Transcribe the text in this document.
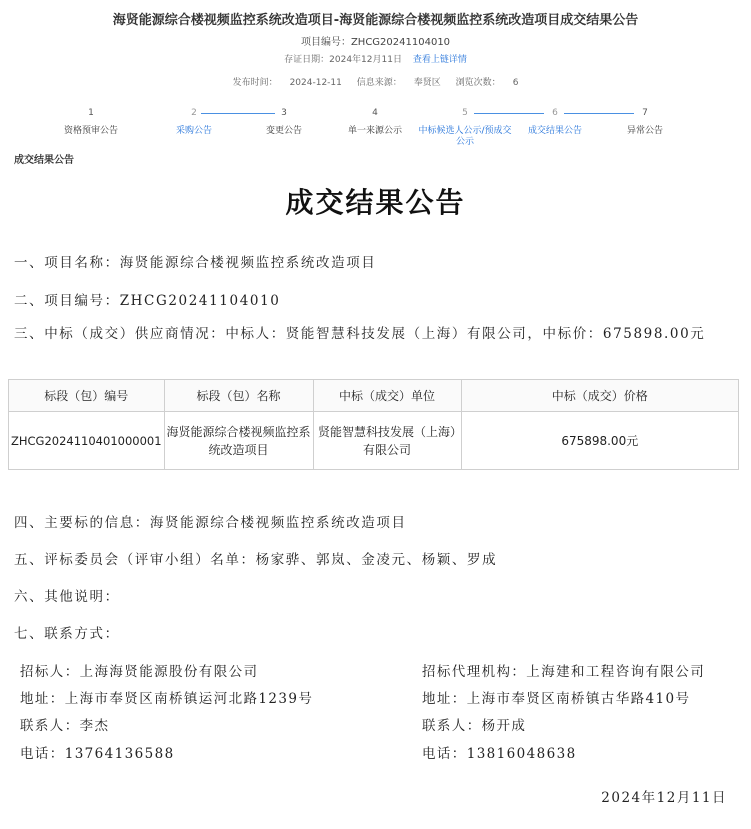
海贤能源综合楼视频监控系统改造项目-海贤能源综合楼视频监控系统改造项目成交结果公告
项目编号：ZHCG20241104010
存证日期：2024年12月11日 查看上链详情
发布时间： 2024-12-11 信息来源： 奉贤区 浏览次数： 6
1
资格预审公告
2
采购公告
3
变更公告
4
单一来源公示
5
中标候选人公示/预成交公示
6
成交结果公告
7
异常公告
成交结果公告
成交结果公告
一、项目名称：海贤能源综合楼视频监控系统改造项目
二、项目编号：ZHCG20241104010
三、中标（成交）供应商情况：中标人：贤能智慧科技发展（上海）有限公司，中标价：675898.00元
标段（包）编号	标段（包）名称	中标（成交）单位	中标（成交）价格
ZHCG2024110401000001	海贤能源综合楼视频监控系统改造项目	贤能智慧科技发展（上海）有限公司	675898.00元
四、主要标的信息：海贤能源综合楼视频监控系统改造项目
五、评标委员会（评审小组）名单：杨家骅、郭岚、金凌元、杨颖、罗成
六、其他说明：
七、联系方式：
招标人：上海海贤能源股份有限公司
地址：上海市奉贤区南桥镇运河北路1239号
联系人：李杰
电话：13764136588
招标代理机构：上海建和工程咨询有限公司
地址：上海市奉贤区南桥镇古华路410号
联系人：杨开成
电话：13816048638
2024年12月11日
